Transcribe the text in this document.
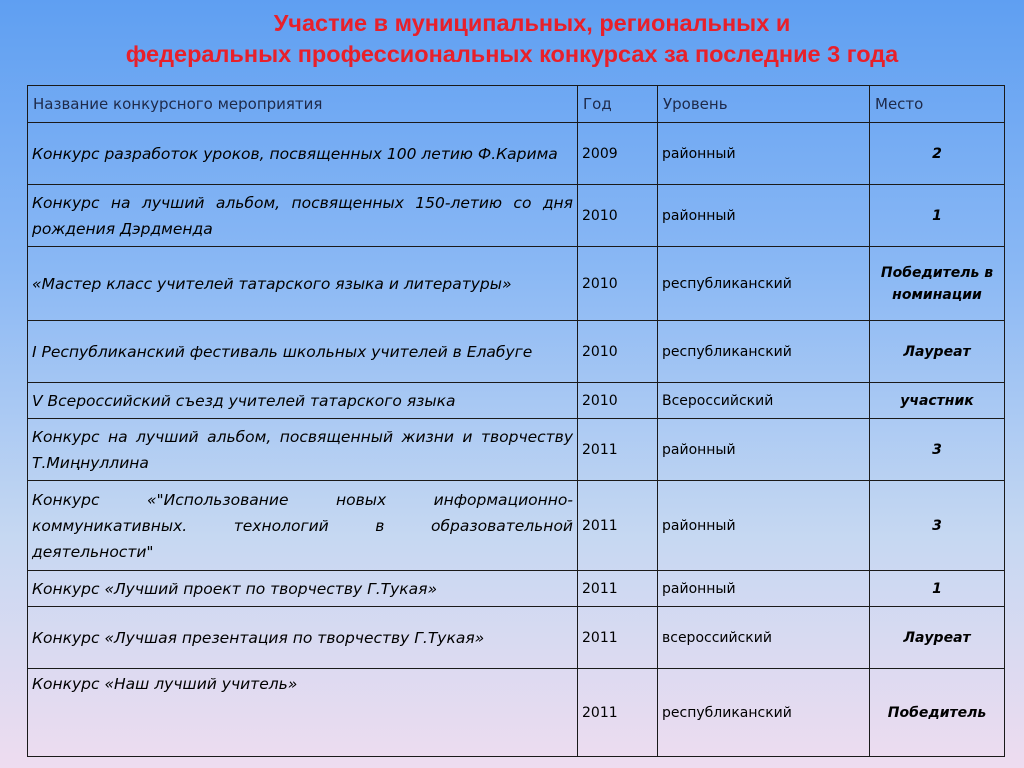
Участие в муниципальных, региональных и
федеральных профессиональных конкурсах за последние 3 года
Название конкурсного мероприятия	Год	Уровень	Место
Конкурс разработок уроков, посвященных 100 летию Ф.Карима	2009	районный	2
Конкурс на лучший альбом, посвященных 150-летию со дня рождения Дэрдменда	2010	районный	1
«Мастер класс учителей татарского языка и литературы»	2010	республиканский	Победитель в номинации
I Республиканский фестиваль школьных учителей в Елабуге	2010	республиканский	Лауреат
V Всероссийский съезд учителей татарского языка	2010	Всероссийский	участник
Конкурс на лучший альбом, посвященный жизни и творчеству Т.Миңнуллина	2011	районный	3
Конкурс «"Использование новых информационно-коммуникативных. технологий в образовательной деятельности"	2011	районный	3
Конкурс «Лучший проект по творчеству Г.Тукая»	2011	районный	1
Конкурс «Лучшая презентация по творчеству Г.Тукая»	2011	всероссийский	Лауреат
Конкурс «Наш лучший учитель»	2011	республиканский	Победитель
